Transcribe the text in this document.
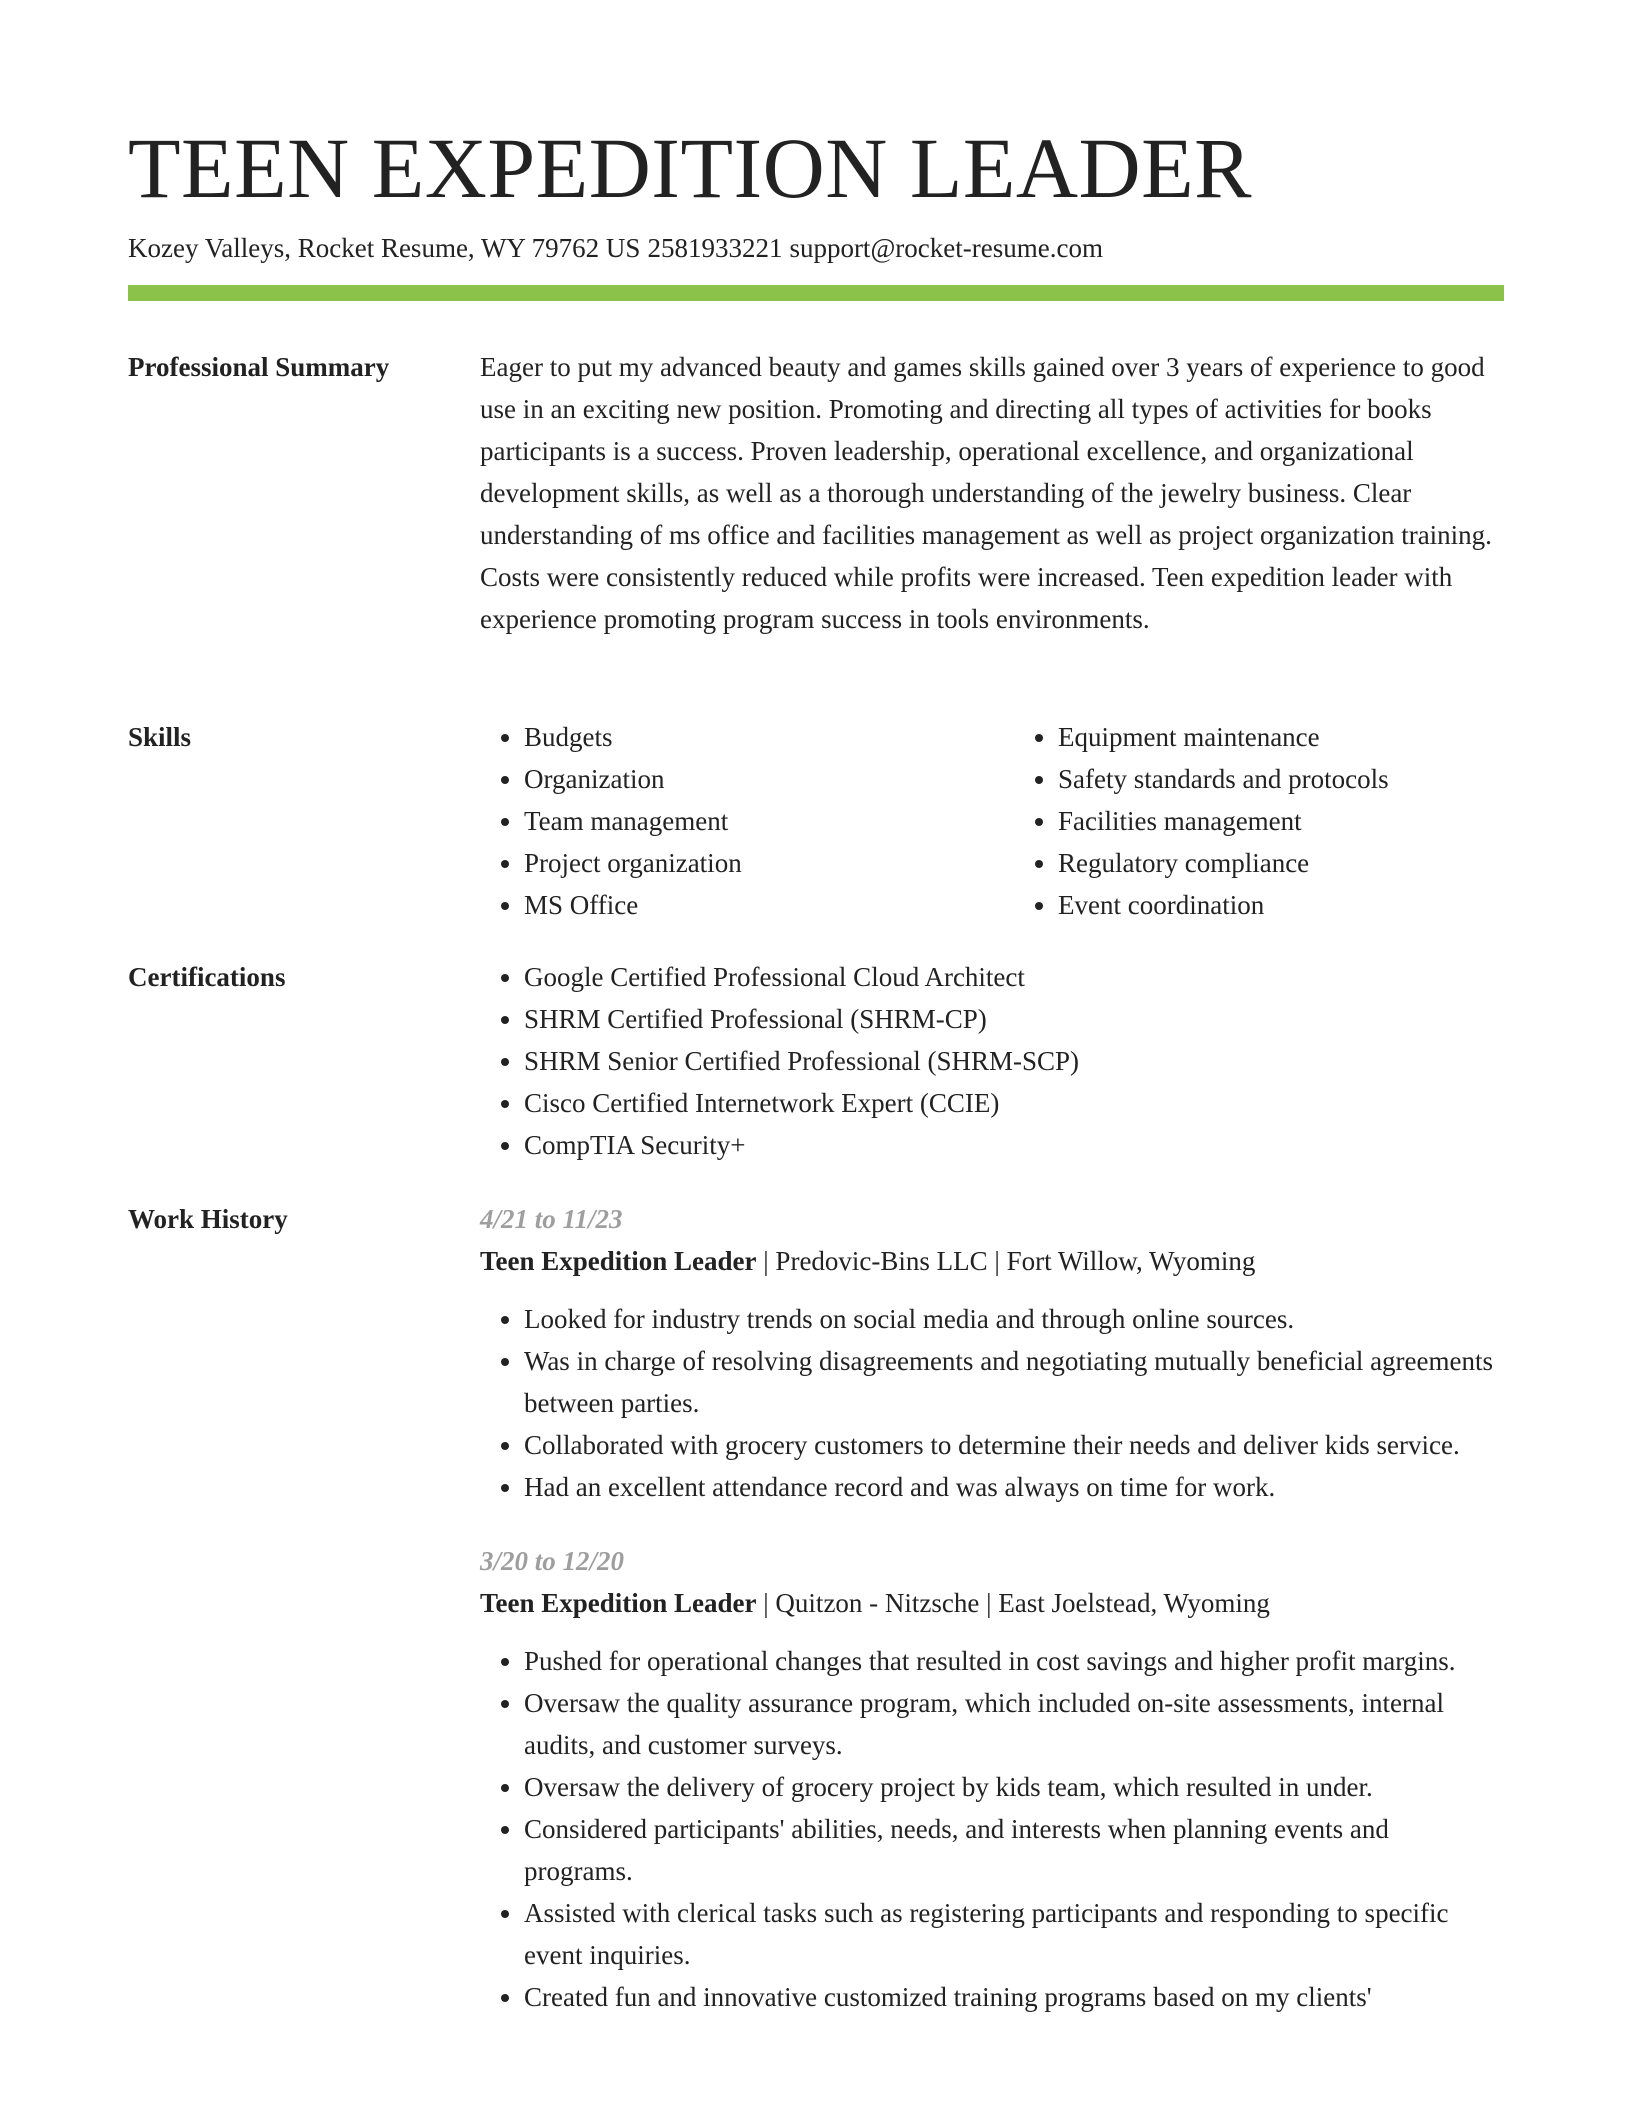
TEEN EXPEDITION LEADER
Kozey Valleys, Rocket Resume, WY 79762 US 2581933221 support@rocket-resume.com
Professional Summary	Eager to put my advanced beauty and games skills gained over 3 years of experience to good use in an exciting new position. Promoting and directing all types of activities for books participants is a success. Proven leadership, operational excellence, and organizational development skills, as well as a thorough understanding of the jewelry business. Clear understanding of ms office and facilities management as well as project organization training. Costs were consistently reduced while profits were increased. Teen expedition leader with experience promoting program success in tools environments.

Skills	• Budgets
• Organization
• Team management
• Project organization
• MS Office
• Equipment maintenance
• Safety standards and protocols
• Facilities management
• Regulatory compliance
• Event coordination
Certifications	• Google Certified Professional Cloud Architect
• SHRM Certified Professional (SHRM-CP)
• SHRM Senior Certified Professional (SHRM-SCP)
• Cisco Certified Internetwork Expert (CCIE)
• CompTIA Security+
Work History	4/21 to 11/23
Teen Expedition Leader | Predovic-Bins LLC | Fort Willow, Wyoming
• Looked for industry trends on social media and through online sources.
• Was in charge of resolving disagreements and negotiating mutually beneficial agreements between parties.
• Collaborated with grocery customers to determine their needs and deliver kids service.
• Had an excellent attendance record and was always on time for work.
3/20 to 12/20
Teen Expedition Leader | Quitzon - Nitzsche | East Joelstead, Wyoming
• Pushed for operational changes that resulted in cost savings and higher profit margins.
• Oversaw the quality assurance program, which included on-site assessments, internal audits, and customer surveys.
• Oversaw the delivery of grocery project by kids team, which resulted in under.
• Considered participants' abilities, needs, and interests when planning events and programs.
• Assisted with clerical tasks such as registering participants and responding to specific event inquiries.
• Created fun and innovative customized training programs based on my clients'
